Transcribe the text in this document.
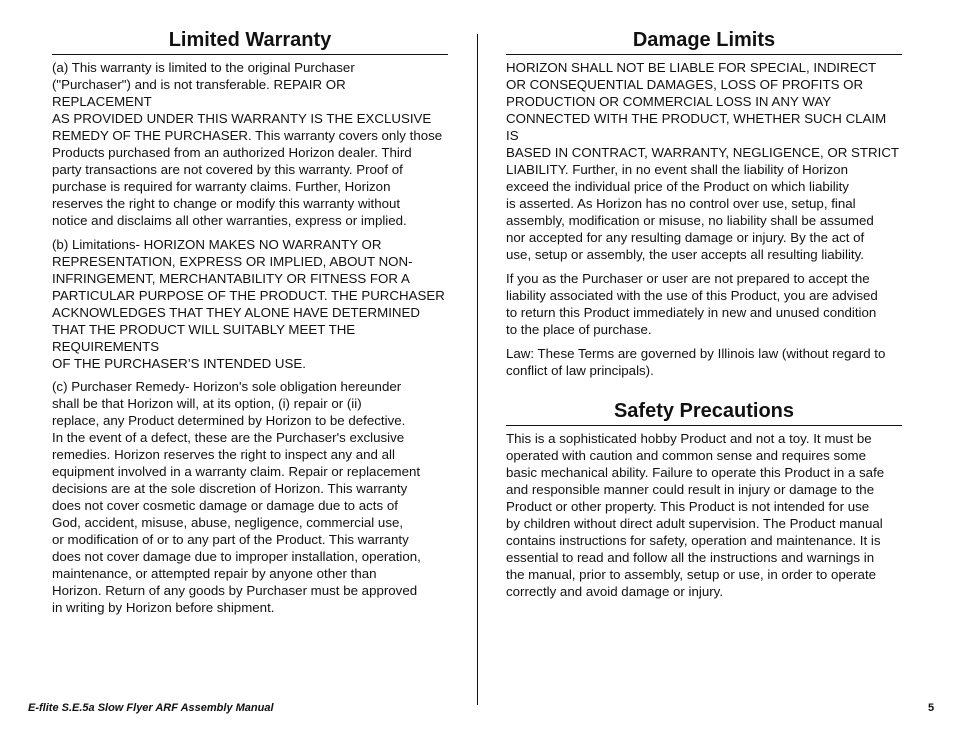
Limited Warranty

(a) This warranty is limited to the original Purchaser
("Purchaser") and is not transferable. REPAIR OR REPLACEMENT
AS PROVIDED UNDER THIS WARRANTY IS THE EXCLUSIVE
REMEDY OF THE PURCHASER. This warranty covers only those
Products purchased from an authorized Horizon dealer. Third
party transactions are not covered by this warranty. Proof of
purchase is required for warranty claims. Further, Horizon
reserves the right to change or modify this warranty without
notice and disclaims all other warranties, express or implied.

(b) Limitations- HORIZON MAKES NO WARRANTY OR
REPRESENTATION, EXPRESS OR IMPLIED, ABOUT NON-
INFRINGEMENT, MERCHANTABILITY OR FITNESS FOR A
PARTICULAR PURPOSE OF THE PRODUCT. THE PURCHASER
ACKNOWLEDGES THAT THEY ALONE HAVE DETERMINED
THAT THE PRODUCT WILL SUITABLY MEET THE REQUIREMENTS
OF THE PURCHASER’S INTENDED USE.

(c) Purchaser Remedy- Horizon's sole obligation hereunder
shall be that Horizon will, at its option, (i) repair or (ii)
replace, any Product determined by Horizon to be defective.
In the event of a defect, these are the Purchaser's exclusive
remedies. Horizon reserves the right to inspect any and all
equipment involved in a warranty claim. Repair or replacement
decisions are at the sole discretion of Horizon. This warranty
does not cover cosmetic damage or damage due to acts of
God, accident, misuse, abuse, negligence, commercial use,
or modification of or to any part of the Product. This warranty
does not cover damage due to improper installation, operation,
maintenance, or attempted repair by anyone other than
Horizon. Return of any goods by Purchaser must be approved
in writing by Horizon before shipment.

Damage Limits

HORIZON SHALL NOT BE LIABLE FOR SPECIAL, INDIRECT
OR CONSEQUENTIAL DAMAGES, LOSS OF PROFITS OR
PRODUCTION OR COMMERCIAL LOSS IN ANY WAY
CONNECTED WITH THE PRODUCT, WHETHER SUCH CLAIM IS
BASED IN CONTRACT, WARRANTY, NEGLIGENCE, OR STRICT
LIABILITY. Further, in no event shall the liability of Horizon
exceed the individual price of the Product on which liability
is asserted. As Horizon has no control over use, setup, final
assembly, modification or misuse, no liability shall be assumed
nor accepted for any resulting damage or injury. By the act of
use, setup or assembly, the user accepts all resulting liability.

If you as the Purchaser or user are not prepared to accept the
liability associated with the use of this Product, you are advised
to return this Product immediately in new and unused condition
to the place of purchase.

Law: These Terms are governed by Illinois law (without regard to
conflict of law principals).

Safety Precautions

This is a sophisticated hobby Product and not a toy. It must be
operated with caution and common sense and requires some
basic mechanical ability. Failure to operate this Product in a safe
and responsible manner could result in injury or damage to the
Product or other property. This Product is not intended for use
by children without direct adult supervision. The Product manual
contains instructions for safety, operation and maintenance. It is
essential to read and follow all the instructions and warnings in
the manual, prior to assembly, setup or use, in order to operate
correctly and avoid damage or injury.

E-flite S.E.5a Slow Flyer ARF Assembly Manual	5
